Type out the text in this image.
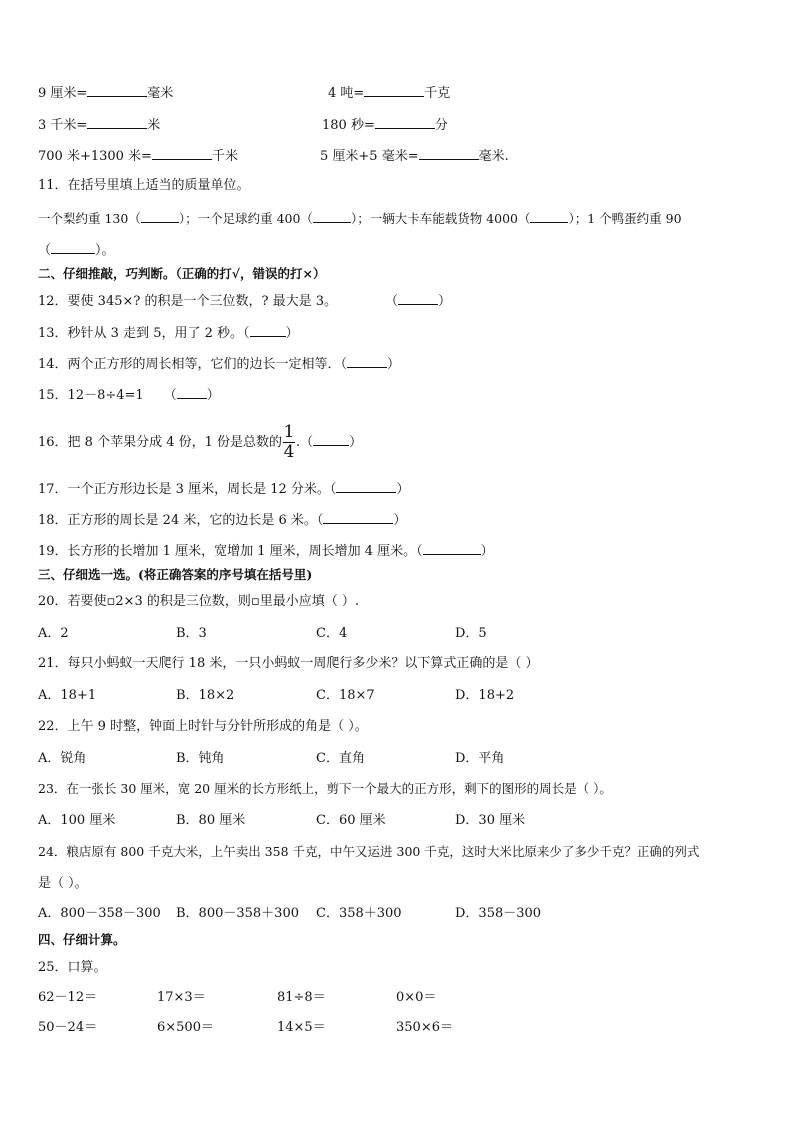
9 厘米=	毫米	4 吨=	千克
3 千米=	米	180 秒=	分
700 米+1300 米=	千米	5 厘米+5 毫米=	毫米.
11．在括号里填上适当的质量单位。
一个梨约重 130（	）；一个足球约重 400（	）；一辆大卡车能载货物 4000（	）；1 个鸭蛋约重 90
（	）。
二、仔细推敲，巧判断。（正确的打√，错误的打×）
12．要使 345×? 的积是一个三位数，? 最大是 3。	（	）
13．秒针从 3 走到 5，用了 2 秒。（	）
14．两个正方形的周长相等，它们的边长一定相等．（	）
15．12－8÷4=1 （ ）
16．把 8 个苹果分成 4 份，1 份是总数的 $\frac{1}{4}$ .（	）
17．一个正方形边长是 3 厘米，周长是 12 分米。（	）
18．正方形的周长是 24 米，它的边长是 6 米。（	）
19．长方形的长增加 1 厘米，宽增加 1 厘米，周长增加 4 厘米。（	）
三、仔细选一选。(将正确答案的序号填在括号里)
20．若要使▫2×3 的积是三位数，则▫里最小应填（ ）.
A．2	B．3	C．4	D．5
21．每只小蚂蚁一天爬行 18 米，一只小蚂蚁一周爬行多少米？以下算式正确的是（ ）
A．18+1	B．18×2	C．18×7	D．18+2
22．上午 9 时整，钟面上时针与分针所形成的角是（ ）。
A．锐角	B．钝角	C．直角	D．平角
23．在一张长 30 厘米，宽 20 厘米的长方形纸上，剪下一个最大的正方形，剩下的图形的周长是（ ）。
A．100 厘米	B．80 厘米	C．60 厘米	D．30 厘米
24．粮店原有 800 千克大米，上午卖出 358 千克，中午又运进 300 千克，这时大米比原来少了多少千克？正确的列式
是（ ）。
A．800－358－300 B．800－358＋300 C．358＋300	D．358－300
四、仔细计算。
25．口算。
62－12＝	17×3＝	81÷8＝	0×0＝
50－24＝	6×500＝	14×5＝	350×6＝
